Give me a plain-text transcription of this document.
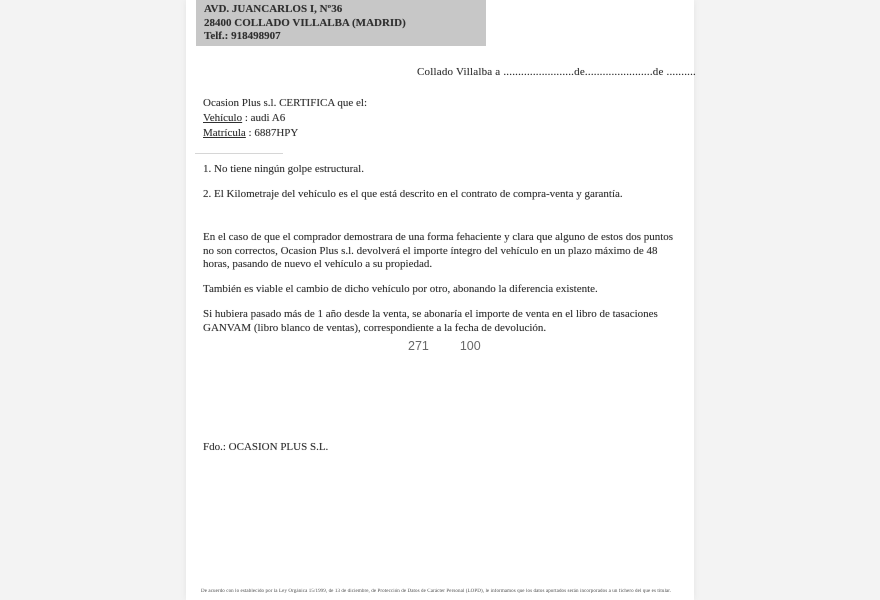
AVD. JUANCARLOS I, Nº36
28400 COLLADO VILLALBA (MADRID)
Telf.: 918498907
Collado Villalba a ........................de.......................de ..........
Ocasion Plus s.l. CERTIFICA que el:
Vehículo : audi A6
Matrícula : 6887HPY
1. No tiene ningún golpe estructural.
2. El Kilometraje del vehículo es el que está descrito en el contrato de compra-venta y garantía.
En el caso de que el comprador demostrara de una forma fehaciente y clara que alguno de estos dos puntos no son correctos, Ocasion Plus s.l. devolverá el importe íntegro del vehículo en un plazo máximo de 48 horas, pasando de nuevo el vehículo a su propiedad.
También es viable el cambio de dicho vehículo por otro, abonando la diferencia existente.
Si hubiera pasado más de 1 año desde la venta, se abonaría el importe de venta en el libro de tasaciones GANVAM (libro blanco de ventas), correspondiente a la fecha de devolución.
271 100
Fdo.: OCASION PLUS S.L.
De acuerdo con lo establecido por la Ley Orgánica 15/1999, de 13 de diciembre, de Protección de Datos de Carácter Personal (LOPD), le informamos que los datos aportados serán incorporados a un fichero del que es titular.
